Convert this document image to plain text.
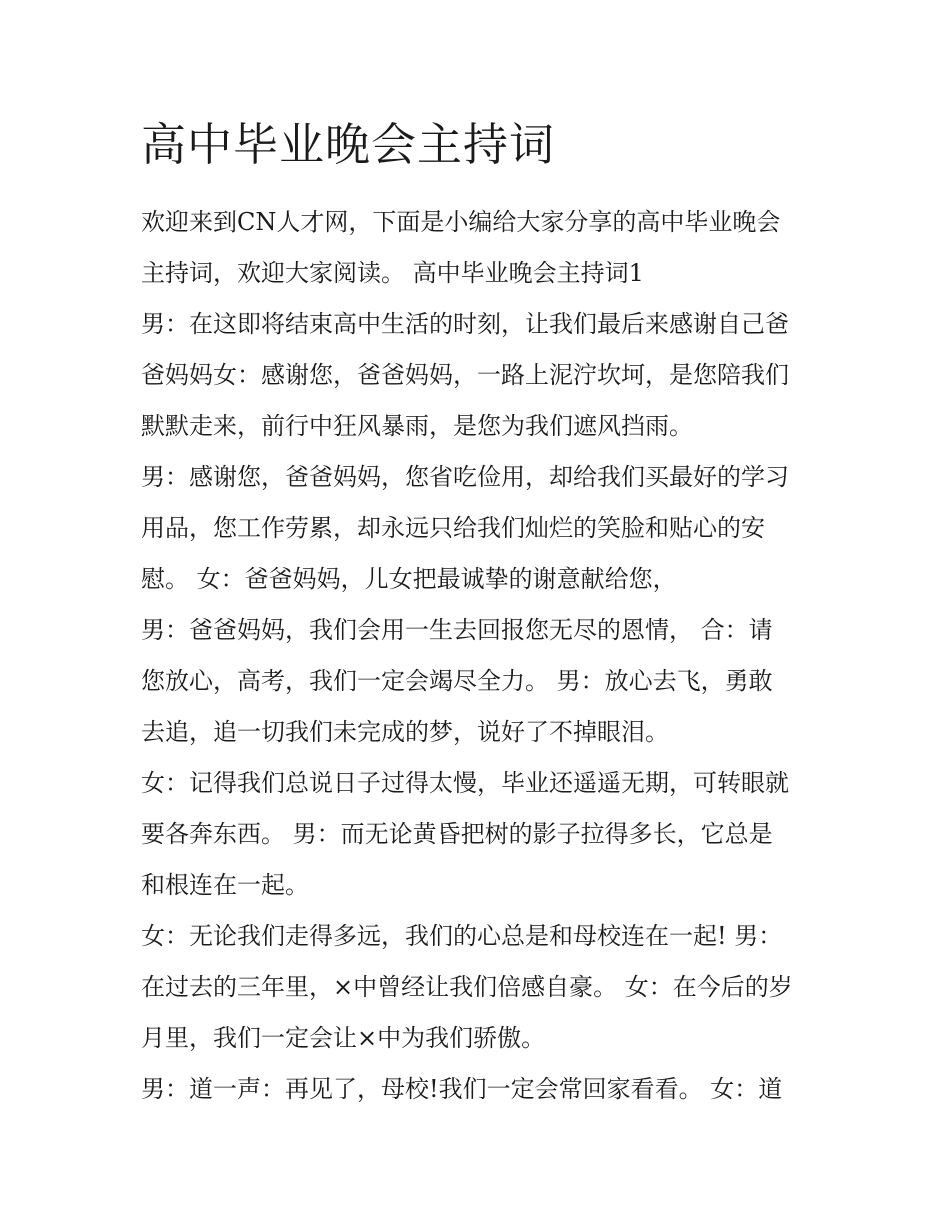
高中毕业晚会主持词
欢迎来到CN人才网，下面是小编给大家分享的高中毕业晚会
主持词，欢迎大家阅读。 高中毕业晚会主持词1
男：在这即将结束高中生活的时刻，让我们最后来感谢自己爸
爸妈妈女：感谢您，爸爸妈妈，一路上泥泞坎坷，是您陪我们
默默走来，前行中狂风暴雨，是您为我们遮风挡雨。
男：感谢您，爸爸妈妈，您省吃俭用，却给我们买最好的学习
用品，您工作劳累，却永远只给我们灿烂的笑脸和贴心的安
慰。 女：爸爸妈妈，儿女把最诚挚的谢意献给您，
男：爸爸妈妈，我们会用一生去回报您无尽的恩情， 合：请
您放心，高考，我们一定会竭尽全力。 男：放心去飞，勇敢
去追，追一切我们未完成的梦，说好了不掉眼泪。
女：记得我们总说日子过得太慢，毕业还遥遥无期，可转眼就
要各奔东西。 男：而无论黄昏把树的影子拉得多长，它总是
和根连在一起。
女：无论我们走得多远，我们的心总是和母校连在一起! 男：
在过去的三年里，×中曾经让我们倍感自豪。 女：在今后的岁
月里，我们一定会让×中为我们骄傲。
男：道一声：再见了，母校!我们一定会常回家看看。 女：道
